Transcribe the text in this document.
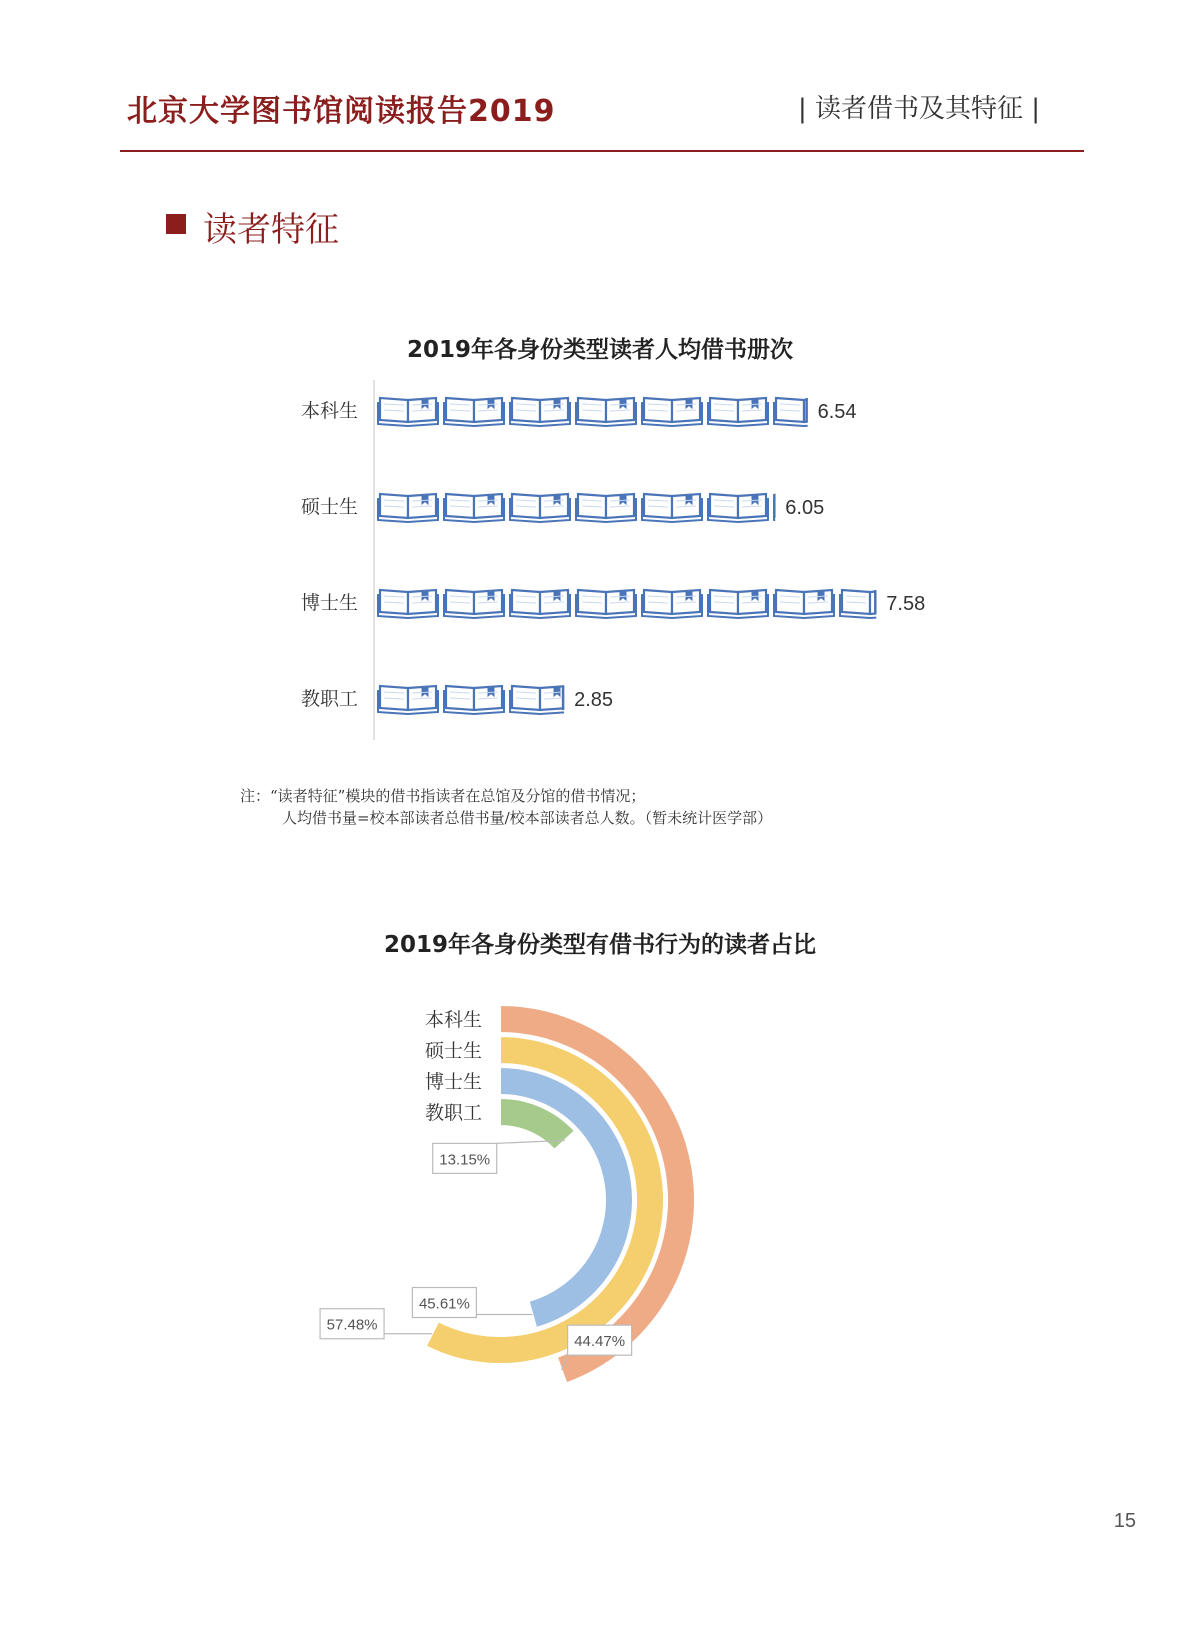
北京大学图书馆阅读报告2019	| 读者借书及其特征 |
读者特征
2019年各身份类型读者人均借书册次
本科生	6.54
硕士生	6.05
博士生	7.58
教职工	2.85
注：“读者特征”模块的借书指读者在总馆及分馆的借书情况；
人均借书量=校本部读者总借书量/校本部读者总人数。（暂未统计医学部）
2019年各身份类型有借书行为的读者占比
本科生
硕士生
博士生
教职工
44.47%
57.48%
45.61%
13.15%
15
